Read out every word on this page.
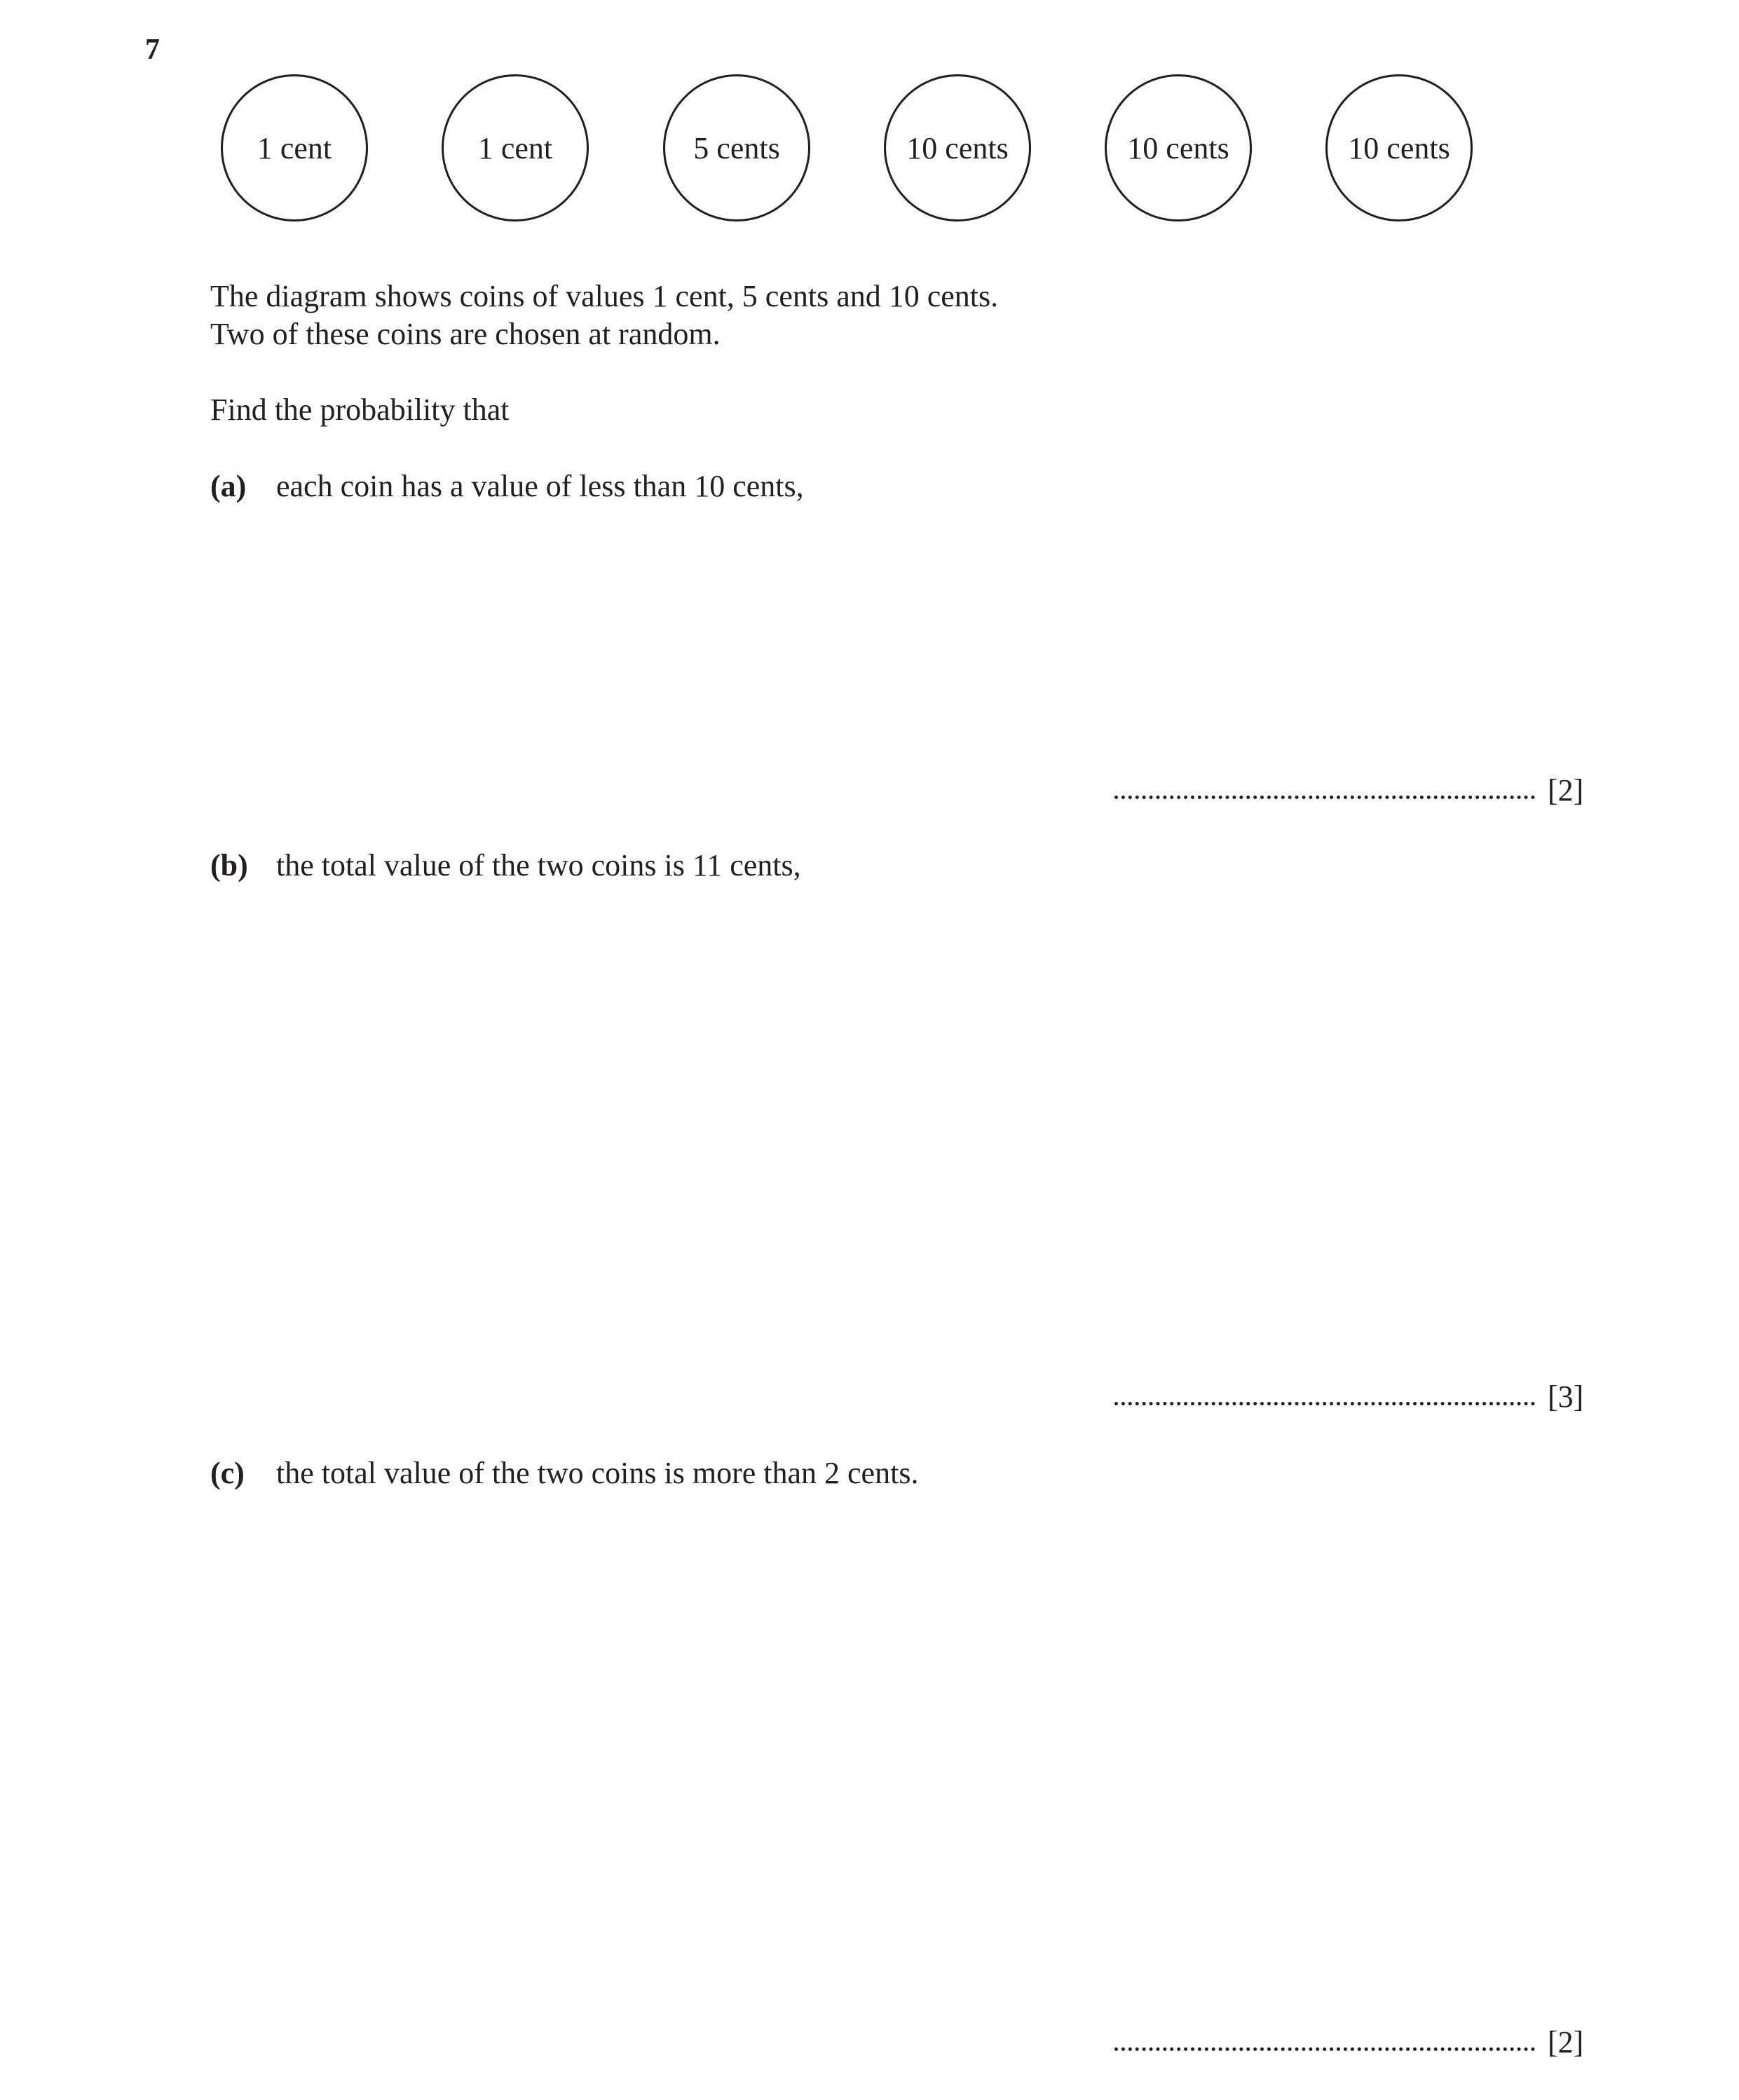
7
1 cent	1 cent	5 cents	10 cents	10 cents	10 cents
The diagram shows coins of values 1 cent, 5 cents and 10 cents.
Two of these coins are chosen at random.
Find the probability that
(a) each coin has a value of less than 10 cents,
[2]
(b) the total value of the two coins is 11 cents,
[3]
(c) the total value of the two coins is more than 2 cents.
[2]
